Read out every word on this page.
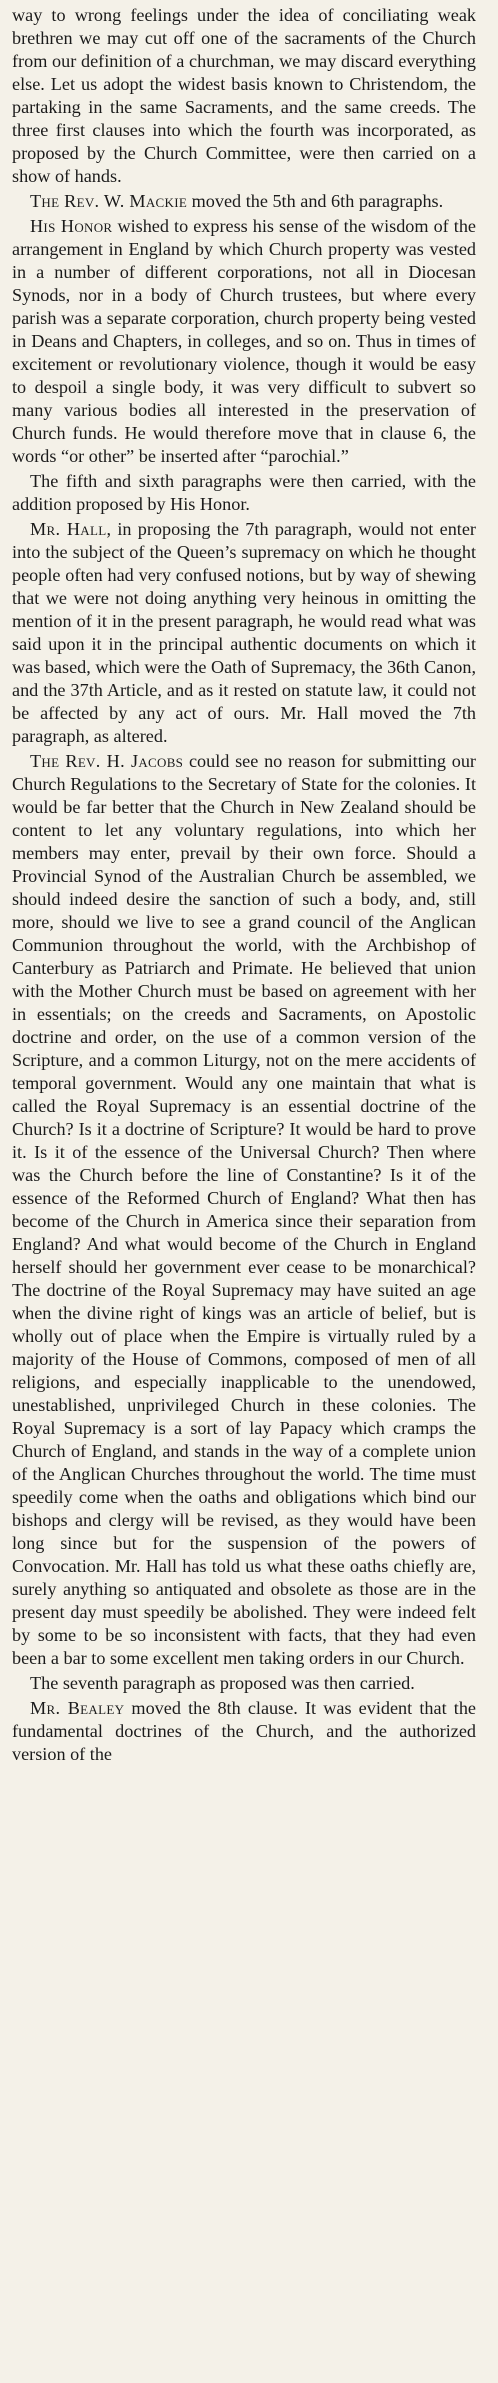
way to wrong feelings under the idea of conciliating weak brethren we may cut off one of the sacraments of the Church from our definition of a churchman, we may discard everything else. Let us adopt the widest basis known to Christendom, the partaking in the same Sacraments, and the same creeds. The three first clauses into which the fourth was incorporated, as proposed by the Church Committee, were then carried on a show of hands.

The Rev. W. Mackie moved the 5th and 6th paragraphs.

His Honor wished to express his sense of the wisdom of the arrangement in England by which Church property was vested in a number of different corporations, not all in Diocesan Synods, nor in a body of Church trustees, but where every parish was a separate corporation, church property being vested in Deans and Chapters, in colleges, and so on. Thus in times of excitement or revolutionary violence, though it would be easy to despoil a single body, it was very difficult to subvert so many various bodies all interested in the preservation of Church funds. He would therefore move that in clause 6, the words “or other” be inserted after “parochial.”

The fifth and sixth paragraphs were then carried, with the addition proposed by His Honor.

Mr. Hall, in proposing the 7th paragraph, would not enter into the subject of the Queen’s supremacy on which he thought people often had very confused notions, but by way of shewing that we were not doing anything very heinous in omitting the mention of it in the present paragraph, he would read what was said upon it in the principal authentic documents on which it was based, which were the Oath of Supremacy, the 36th Canon, and the 37th Article, and as it rested on statute law, it could not be affected by any act of ours. Mr. Hall moved the 7th paragraph, as altered.

The Rev. H. Jacobs could see no reason for submitting our Church Regulations to the Secretary of State for the colonies. It would be far better that the Church in New Zealand should be content to let any voluntary regulations, into which her members may enter, prevail by their own force. Should a Provincial Synod of the Australian Church be assembled, we should indeed desire the sanction of such a body, and, still more, should we live to see a grand council of the Anglican Communion throughout the world, with the Archbishop of Canterbury as Patriarch and Primate. He believed that union with the Mother Church must be based on agreement with her in essentials; on the creeds and Sacraments, on Apostolic doctrine and order, on the use of a common version of the Scripture, and a common Liturgy, not on the mere accidents of temporal government. Would any one maintain that what is called the Royal Supremacy is an essential doctrine of the Church? Is it a doctrine of Scripture? It would be hard to prove it. Is it of the essence of the Universal Church? Then where was the Church before the line of Constantine? Is it of the essence of the Reformed Church of England? What then has become of the Church in America since their separation from England? And what would become of the Church in England herself should her government ever cease to be monarchical? The doctrine of the Royal Supremacy may have suited an age when the divine right of kings was an article of belief, but is wholly out of place when the Empire is virtually ruled by a majority of the House of Commons, composed of men of all religions, and especially inapplicable to the unendowed, unestablished, unprivileged Church in these colonies. The Royal Supremacy is a sort of lay Papacy which cramps the Church of England, and stands in the way of a complete union of the Anglican Churches throughout the world. The time must speedily come when the oaths and obligations which bind our bishops and clergy will be revised, as they would have been long since but for the suspension of the powers of Convocation. Mr. Hall has told us what these oaths chiefly are, surely anything so antiquated and obsolete as those are in the present day must speedily be abolished. They were indeed felt by some to be so inconsistent with facts, that they had even been a bar to some excellent men taking orders in our Church.

The seventh paragraph as proposed was then carried.

Mr. Bealey moved the 8th clause. It was evident that the fundamental doctrines of the Church, and the authorized version of the
